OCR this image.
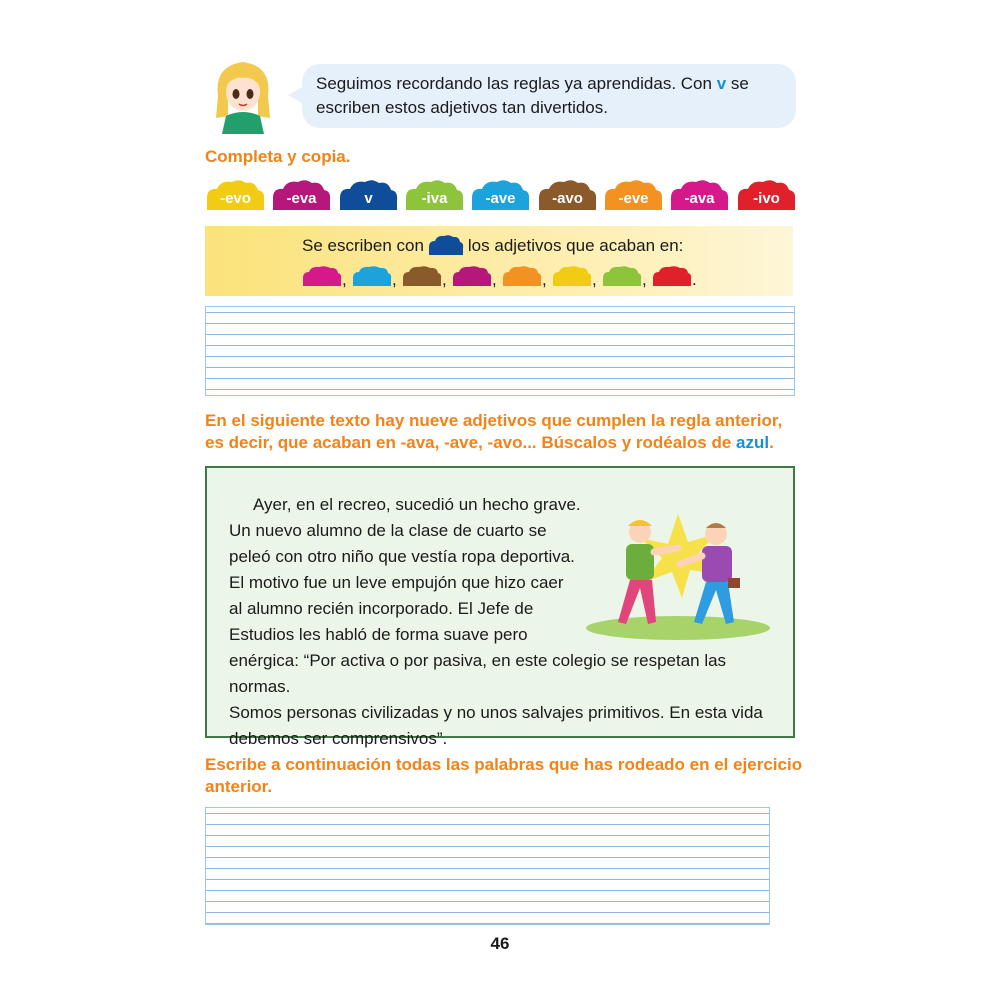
Seguimos recordando las reglas ya aprendidas. Con v se escriben estos adjetivos tan divertidos.
Completa y copia.
-evo	-eva	v	-iva	-ave	-avo	-eve	-ava	-ivo
Se escriben con	los adjetivos que acaban en:
,	,	,	,	,	,	,	.
En el siguiente texto hay nueve adjetivos que cumplen la regla anterior, es decir, que acaban en -ava, -ave, -avo... Búscalos y rodéalos de azul.
Ayer, en el recreo, sucedió un hecho grave.
Un nuevo alumno de la clase de cuarto se
peleó con otro niño que vestía ropa deportiva.
El motivo fue un leve empujón que hizo caer
al alumno recién incorporado. El Jefe de
Estudios les habló de forma suave pero
enérgica: “Por activa o por pasiva, en este colegio se respetan las normas.
Somos personas civilizadas y no unos salvajes primitivos. En esta vida
debemos ser comprensivos”.
Escribe a continuación todas las palabras que has rodeado en el ejercicio anterior.
46
